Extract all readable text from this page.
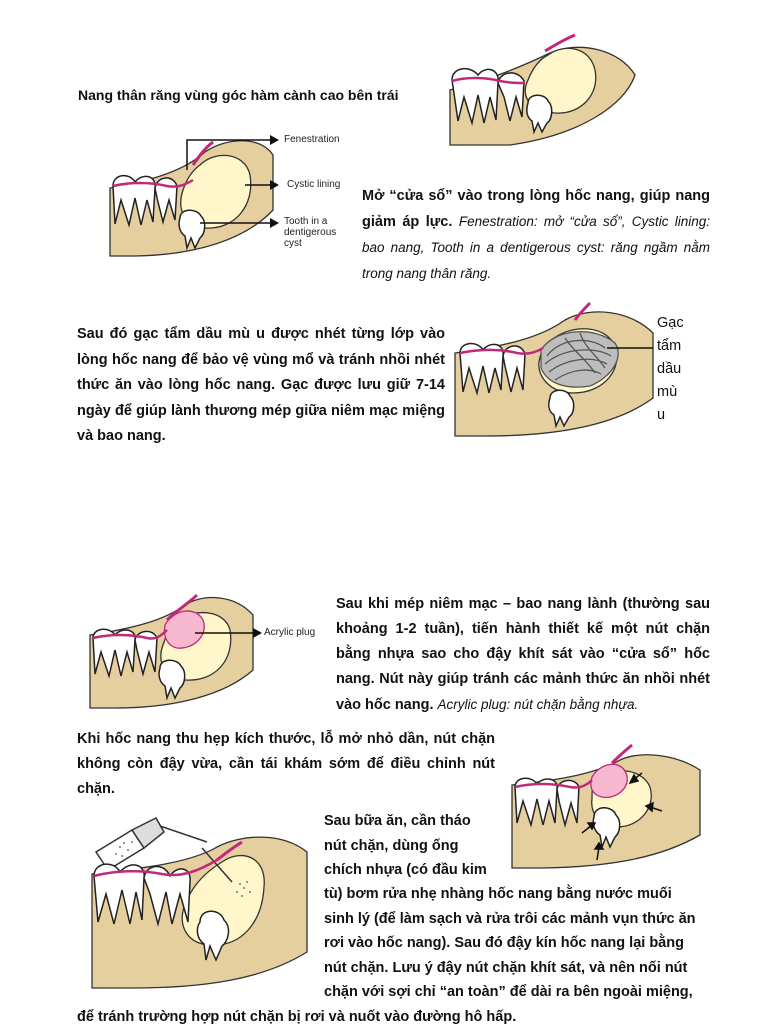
Nang thân răng vùng góc hàm cành cao bên trái
Fenestration
Cystic lining
Tooth in a
dentigerous
cyst
Mở “cửa sổ” vào trong lòng hốc nang, giúp nang giảm áp lực. Fenestration: mở “cửa sổ”, Cystic lining: bao nang, Tooth in a dentigerous cyst: răng ngầm nằm trong nang thân răng.
Sau đó gạc tẩm dầu mù u được nhét từng lớp vào lòng hốc nang để bảo vệ vùng mổ và tránh nhồi nhét thức ăn vào lòng hốc nang. Gạc được lưu giữ 7-14 ngày để giúp lành thương mép giữa niêm mạc miệng và bao nang.
Gạc
tẩm
dầu
mù
u
Acrylic plug
Sau khi mép niêm mạc – bao nang lành (thường sau khoảng 1-2 tuần), tiến hành thiết kế một nút chặn bằng nhựa sao cho đậy khít sát vào “cửa sổ” hốc nang. Nút này giúp tránh các mảnh thức ăn nhồi nhét vào hốc nang. Acrylic plug: nút chặn bằng nhựa.
Khi hốc nang thu hẹp kích thước, lỗ mở nhỏ dần, nút chặn không còn đậy vừa, cần tái khám sớm để điều chỉnh nút chặn.
Sau bữa ăn, cần tháo
nút chặn, dùng ống
chích nhựa (có đầu kim
tù) bơm rửa nhẹ nhàng hốc nang bằng nước muối
sinh lý (để làm sạch và rửa trôi các mảnh vụn thức ăn
rơi vào hốc nang). Sau đó đậy kín hốc nang lại bằng
nút chặn. Lưu ý đậy nút chặn khít sát, và nên nối nút
chặn với sợi chỉ “an toàn” để dài ra bên ngoài miệng,
để tránh trường hợp nút chặn bị rơi và nuốt vào đường hô hấp.
